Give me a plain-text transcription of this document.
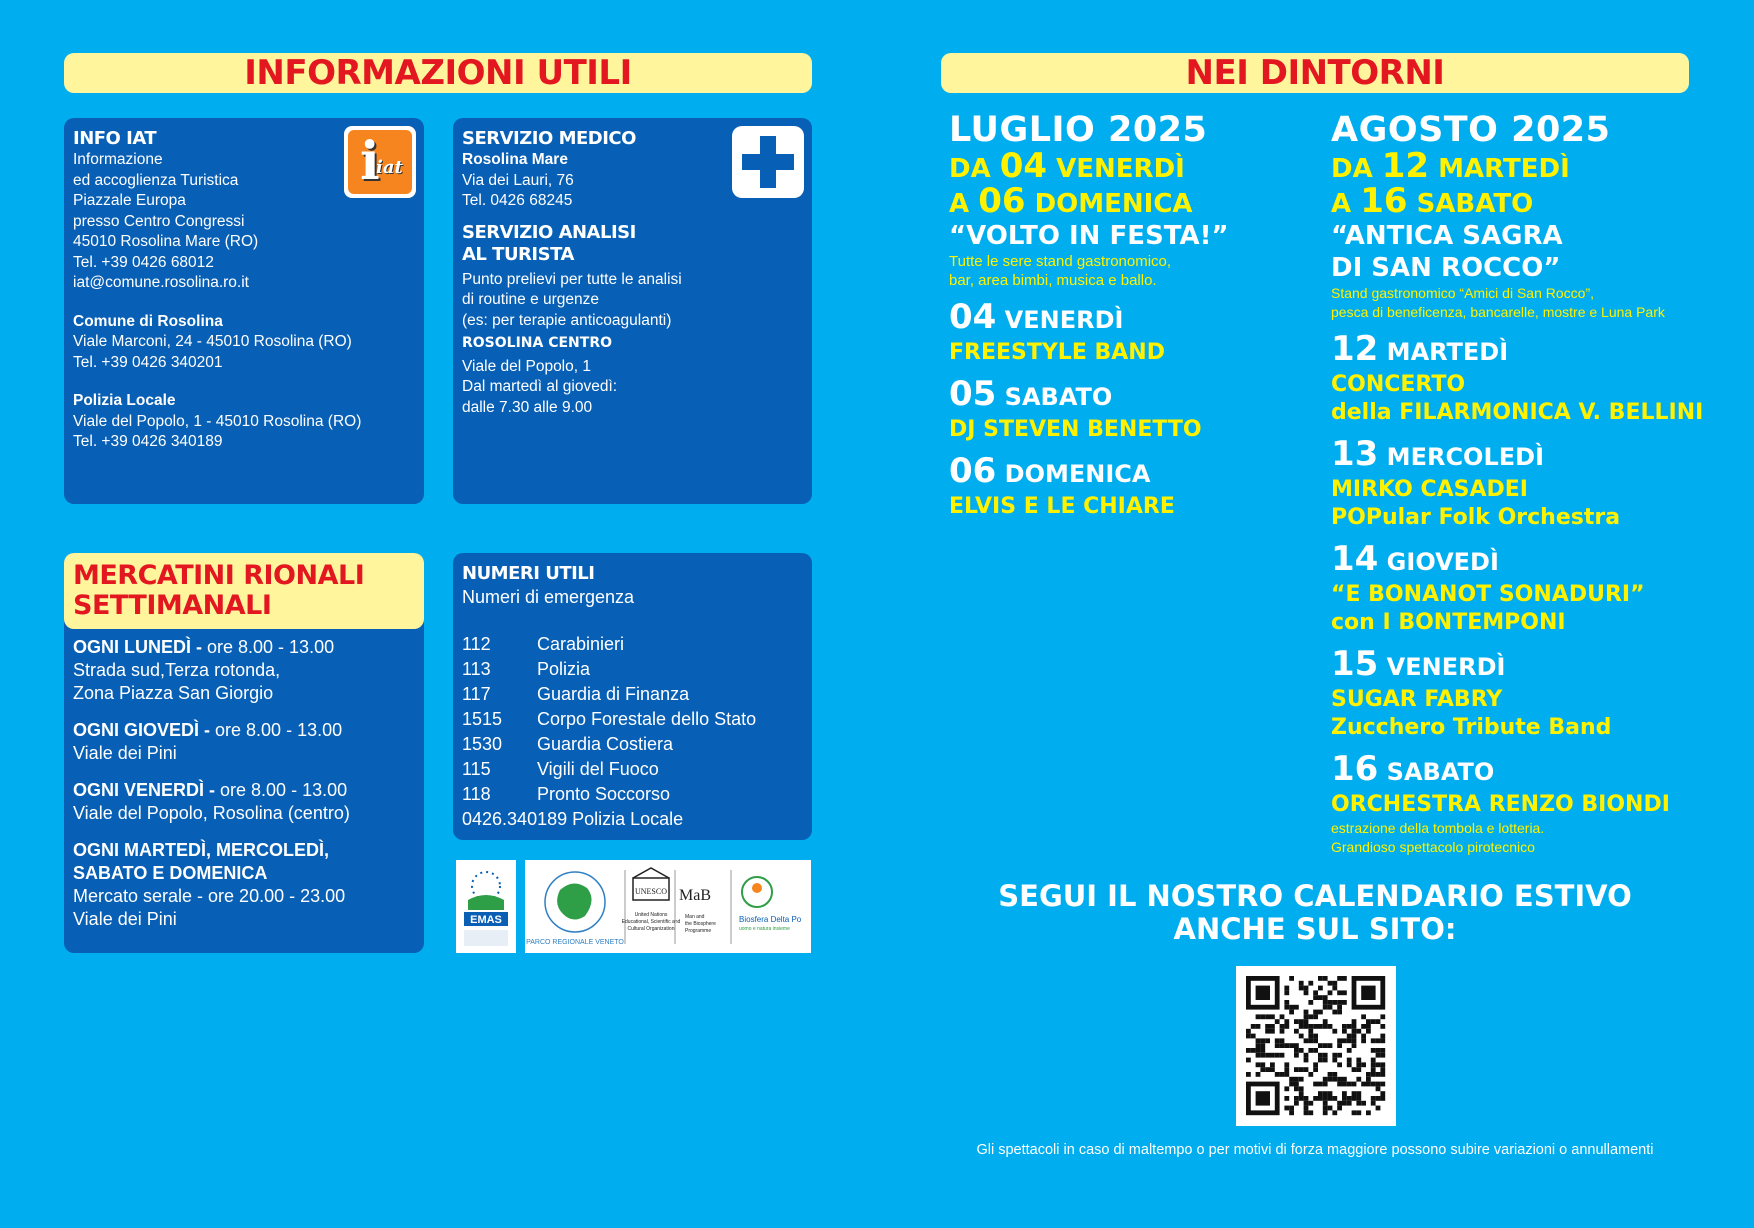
INFORMAZIONI UTILI
INFO IAT	i
iat
Informazione
ed accoglienza Turistica
Piazzale Europa
presso Centro Congressi
45010 Rosolina Mare (RO)
Tel. +39 0426 68012
iat@comune.rosolina.ro.it
Comune di Rosolina
Viale Marconi, 24 - 45010 Rosolina (RO)
Tel. +39 0426 340201
Polizia Locale
Viale del Popolo, 1 - 45010 Rosolina (RO)
Tel. +39 0426 340189
SERVIZIO MEDICO
Rosolina Mare
Via dei Lauri, 76
Tel. 0426 68245
SERVIZIO ANALISI
AL TURISTA
Punto prelievi per tutte le analisi
di routine e urgenze
(es: per terapie anticoagulanti)
ROSOLINA CENTRO
Viale del Popolo, 1
Dal martedì al giovedì:
dalle 7.30 alle 9.00
MERCATINI RIONALI
SETTIMANALI
OGNI LUNEDÌ - ore 8.00 - 13.00
Strada sud,Terza rotonda,
Zona Piazza San Giorgio
OGNI GIOVEDÌ - ore 8.00 - 13.00
Viale dei Pini
OGNI VENERDÌ - ore 8.00 - 13.00
Viale del Popolo, Rosolina (centro)
OGNI MARTEDÌ, MERCOLEDÌ,
SABATO E DOMENICA
Mercato serale - ore 20.00 - 23.00
Viale dei Pini
NUMERI UTILI
Numeri di emergenza
112	Carabinieri
113	Polizia
117	Guardia di Finanza
1515	Corpo Forestale dello Stato
1530	Guardia Costiera
115	Vigili del Fuoco
118	Pronto Soccorso
0426.340189 Polizia Locale
EMAS
PARCO REGIONALE VENETO
UNESCO
United Nations
Educational, Scientific and
Cultural Organization
MaB
Man and
the Biosphere
Programme
Biosfera Delta Po
uomo e natura insieme
NEI DINTORNI
LUGLIO 2025
DA 04 VENERDÌ
A 06 DOMENICA
“VOLTO IN FESTA!”
Tutte le sere stand gastronomico,
bar, area bimbi, musica e ballo.
04 VENERDÌ
FREESTYLE BAND
05 SABATO
DJ STEVEN BENETTO
06 DOMENICA
ELVIS E LE CHIARE
AGOSTO 2025
DA 12 MARTEDÌ
A 16 SABATO
“ANTICA SAGRA
DI SAN ROCCO”
Stand gastronomico “Amici di San Rocco”,
pesca di beneficenza, bancarelle, mostre e Luna Park
12 MARTEDÌ
CONCERTO
della FILARMONICA V. BELLINI
13 MERCOLEDÌ
MIRKO CASADEI
POPular Folk Orchestra
14 GIOVEDÌ
“E BONANOT SONADURI”
con I BONTEMPONI
15 VENERDÌ
SUGAR FABRY
Zucchero Tribute Band
16 SABATO
ORCHESTRA RENZO BIONDI
estrazione della tombola e lotteria.
Grandioso spettacolo pirotecnico
SEGUI IL NOSTRO CALENDARIO ESTIVO
ANCHE SUL SITO:
Gli spettacoli in caso di maltempo o per motivi di forza maggiore possono subire variazioni o annullamenti
